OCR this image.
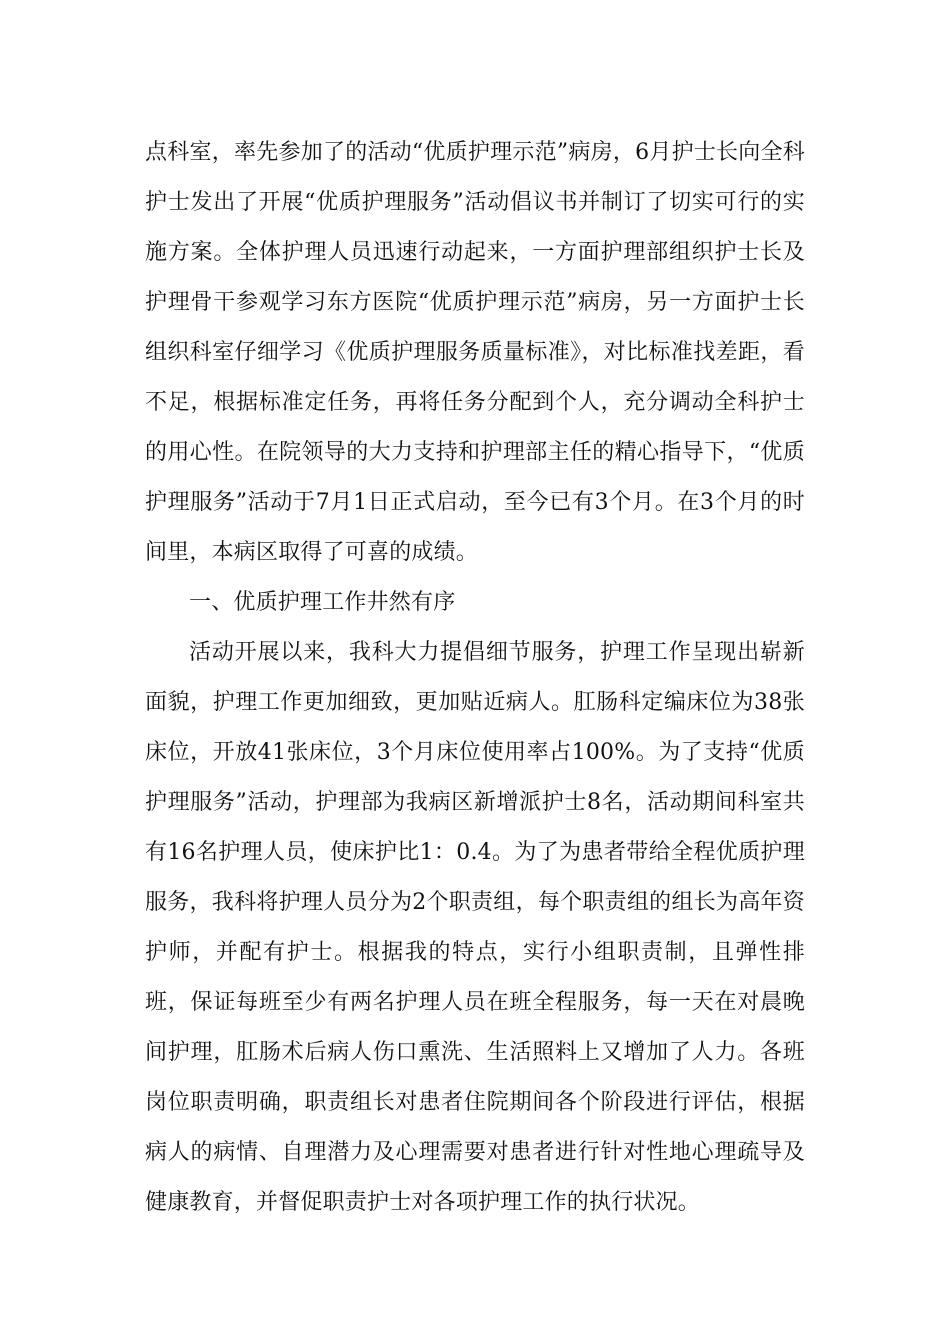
点科室，率先参加了的活动“优质护理示范”病房，6月护士长向全科护士发出了开展“优质护理服务”活动倡议书并制订了切实可行的实施方案。全体护理人员迅速行动起来，一方面护理部组织护士长及护理骨干参观学习东方医院“优质护理示范”病房，另一方面护士长组织科室仔细学习《优质护理服务质量标准》，对比标准找差距，看不足，根据标准定任务，再将任务分配到个人，充分调动全科护士的用心性。在院领导的大力支持和护理部主任的精心指导下，“优质护理服务”活动于7月1日正式启动，至今已有3个月。在3个月的时间里，本病区取得了可喜的成绩。

一、优质护理工作井然有序

活动开展以来，我科大力提倡细节服务，护理工作呈现出崭新面貌，护理工作更加细致，更加贴近病人。肛肠科定编床位为38张床位，开放41张床位，3个月床位使用率占100%。为了支持“优质护理服务”活动，护理部为我病区新增派护士8名，活动期间科室共有16名护理人员，使床护比1：0.4。为了为患者带给全程优质护理服务，我科将护理人员分为2个职责组，每个职责组的组长为高年资护师，并配有护士。根据我的特点，实行小组职责制，且弹性排班，保证每班至少有两名护理人员在班全程服务，每一天在对晨晚间护理，肛肠术后病人伤口熏洗、生活照料上又增加了人力。各班岗位职责明确，职责组长对患者住院期间各个阶段进行评估，根据病人的病情、自理潜力及心理需要对患者进行针对性地心理疏导及健康教育，并督促职责护士对各项护理工作的执行状况。
